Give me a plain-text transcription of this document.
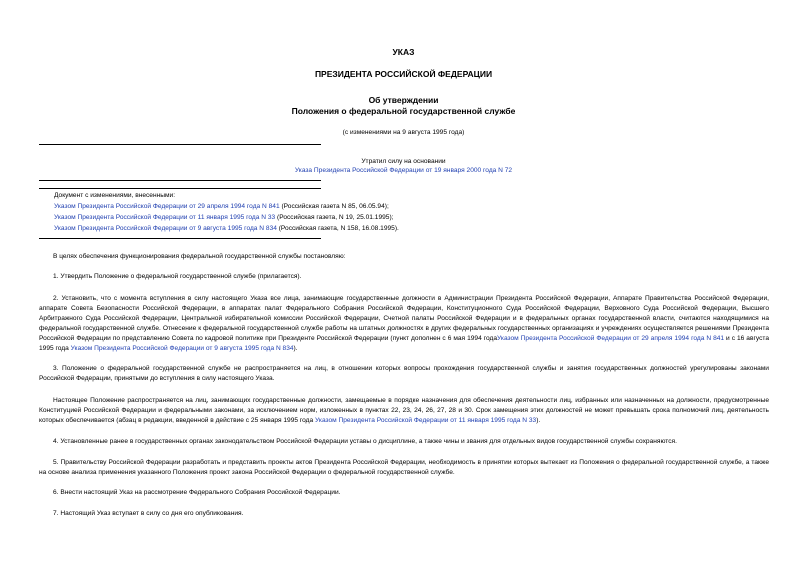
УКАЗ
ПРЕЗИДЕНТА РОССИЙСКОЙ ФЕДЕРАЦИИ
Об утверждении
Положения о федеральной государственной службе
(с изменениями на 9 августа 1995 года)
Утратил силу на основании
Указа Президента Российской Федерации от 19 января 2000 года N 72
Документ с изменениями, внесенными:
Указом Президента Российской Федерации от 29 апреля 1994 года N 841 (Российская газета N 85, 06.05.94);
Указом Президента Российской Федерации от 11 января 1995 года N 33 (Российская газета, N 19, 25.01.1995);
Указом Президента Российской Федерации от 9 августа 1995 года N 834 (Российская газета, N 158, 16.08.1995).
В целях обеспечения функционирования федеральной государственной службы постановляю:
1. Утвердить Положение о федеральной государственной службе (прилагается).
2. Установить, что с момента вступления в силу настоящего Указа все лица, занимающие государственные должности в Администрации Президента Российской Федерации, Аппарате Правительства Российской Федерации, аппарате Совета Безопасности Российской Федерации, в аппаратах палат Федерального Собрания Российской Федерации, Конституционного Суда Российской Федерации, Верховного Суда Российской Федерации, Высшего Арбитражного Суда Российской Федерации, Центральной избирательной комиссии Российской Федерации, Счетной палаты Российской Федерации и в федеральных органах государственной власти, считаются находящимися на федеральной государственной службе. Отнесение к федеральной государственной службе работы на штатных должностях в других федеральных государственных организациях и учреждениях осуществляется решениями Президента Российской Федерации по представлению Совета по кадровой политике при Президенте Российской Федерации (пункт дополнен с 6 мая 1994 годаУказом Президента Российской Федерации от 29 апреля 1994 года N 841 и с 16 августа 1995 года Указом Президента Российской Федерации от 9 августа 1995 года N 834).
3. Положение о федеральной государственной службе не распространяется на лиц, в отношении которых вопросы прохождения государственной службы и занятия государственных должностей урегулированы законами Российской Федерации, принятыми до вступления в силу настоящего Указа.
Настоящее Положение распространяется на лиц, занимающих государственные должности, замещаемые в порядке назначения для обеспечения деятельности лиц, избранных или назначенных на должности, предусмотренные Конституцией Российской Федерации и федеральными законами, за исключением норм, изложенных в пунктах 22, 23, 24, 26, 27, 28 и 30. Срок замещения этих должностей не может превышать срока полномочий лиц, деятельность которых обеспечивается (абзац в редакции, введенной в действие с 25 января 1995 года Указом Президента Российской Федерации от 11 января 1995 года N 33).
4. Установленные ранее в государственных органах законодательством Российской Федерации уставы о дисциплине, а также чины и звания для отдельных видов государственной службы сохраняются.
5. Правительству Российской Федерации разработать и представить проекты актов Президента Российской Федерации, необходимость в принятии которых вытекает из Положения о федеральной государственной службе, а также на основе анализа применения указанного Положения проект закона Российской Федерации о федеральной государственной службе.
6. Внести настоящий Указ на рассмотрение Федерального Собрания Российской Федерации.
7. Настоящий Указ вступает в силу со дня его опубликования.
